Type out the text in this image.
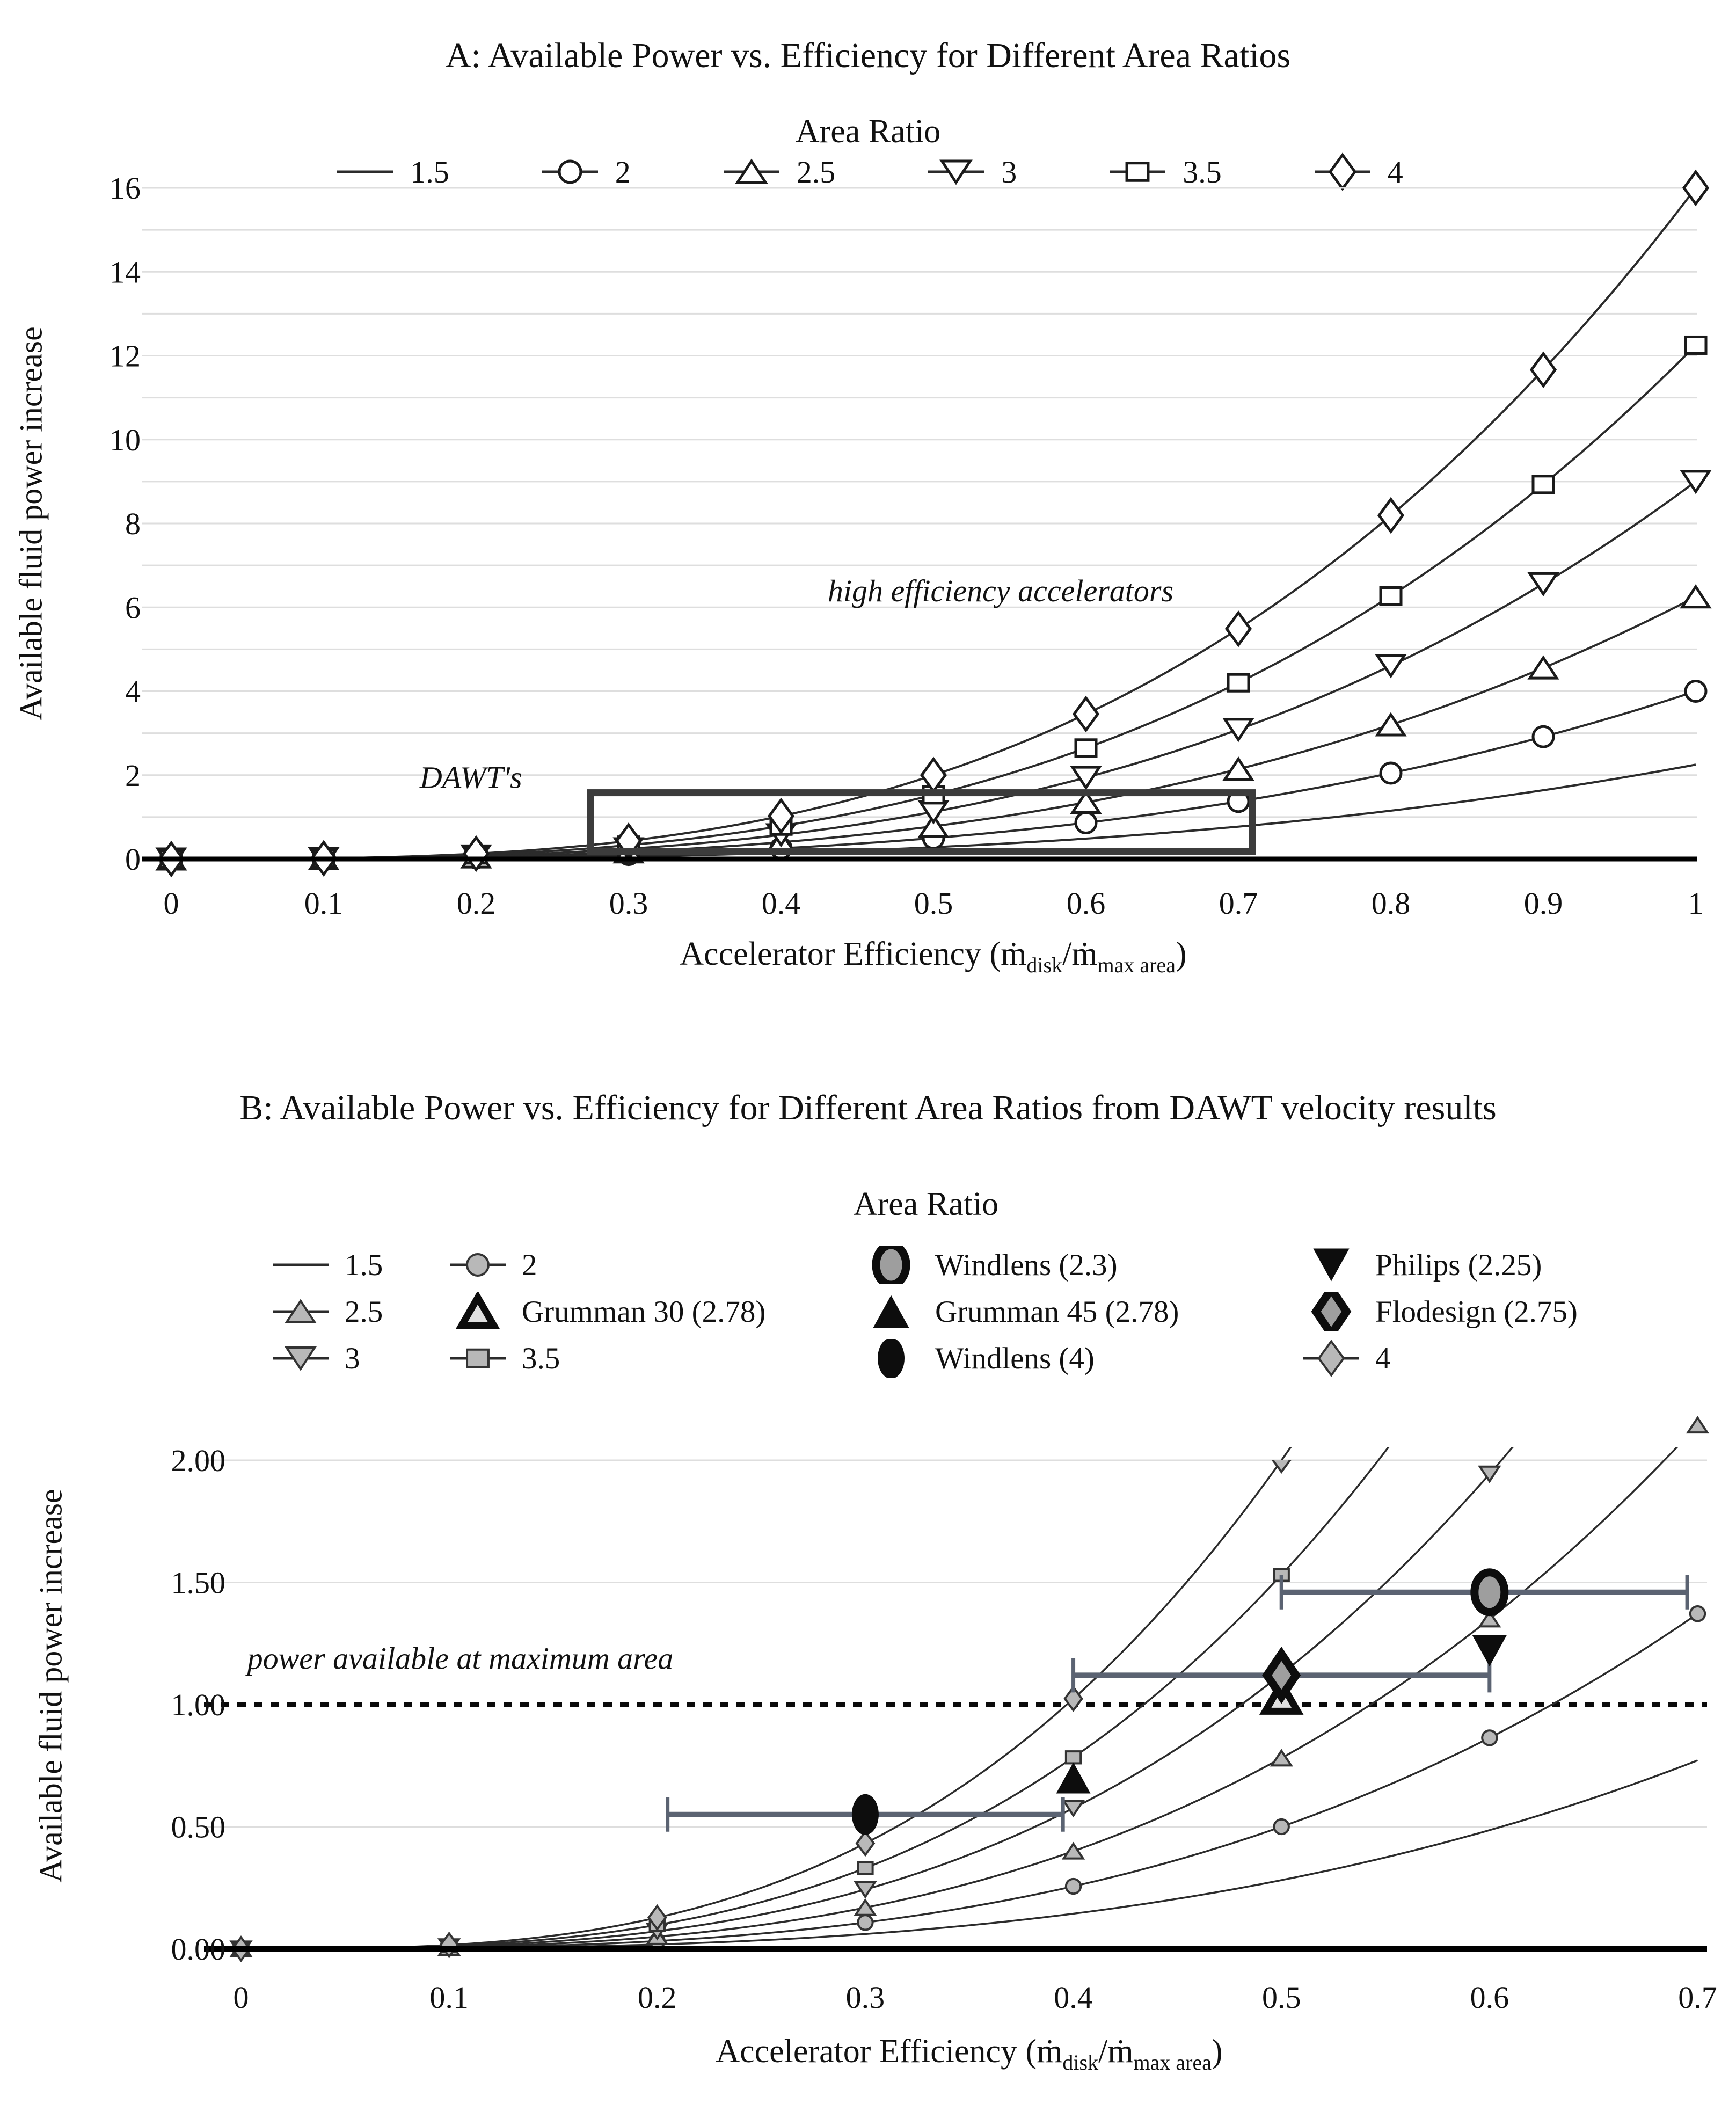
A: Available Power vs. Efficiency for Different Area Ratios
Area Ratio
1.5	2	2.5	3	3.5	4
Available fluid power increase
Accelerator Efficiency (ṁ$_{disk}$/ṁ$_{max area}$)
B: Available Power vs. Efficiency for Different Area Ratios from DAWT velocity results
Area Ratio
1.5
2.5
3
2
Grumman 30 (2.78)
3.5
Windlens (2.3)
Grumman 45 (2.78)
Windlens (4)
Philips (2.25)
Flodesign (2.75)
4
Available fluid power increase
Accelerator Efficiency (ṁ$_{disk}$/ṁ$_{max area}$)
0	0.1	0.2	0.3	0.4	0.5	0.6	0.7	0.8	0.9	1
0
2
4
6
8
10
12
14
16
high efficiency accelerators
DAWT's
0	0.1	0.2	0.3	0.4	0.5	0.6	0.7
0.00
0.50
1.00
1.50
2.00
power available at maximum area
